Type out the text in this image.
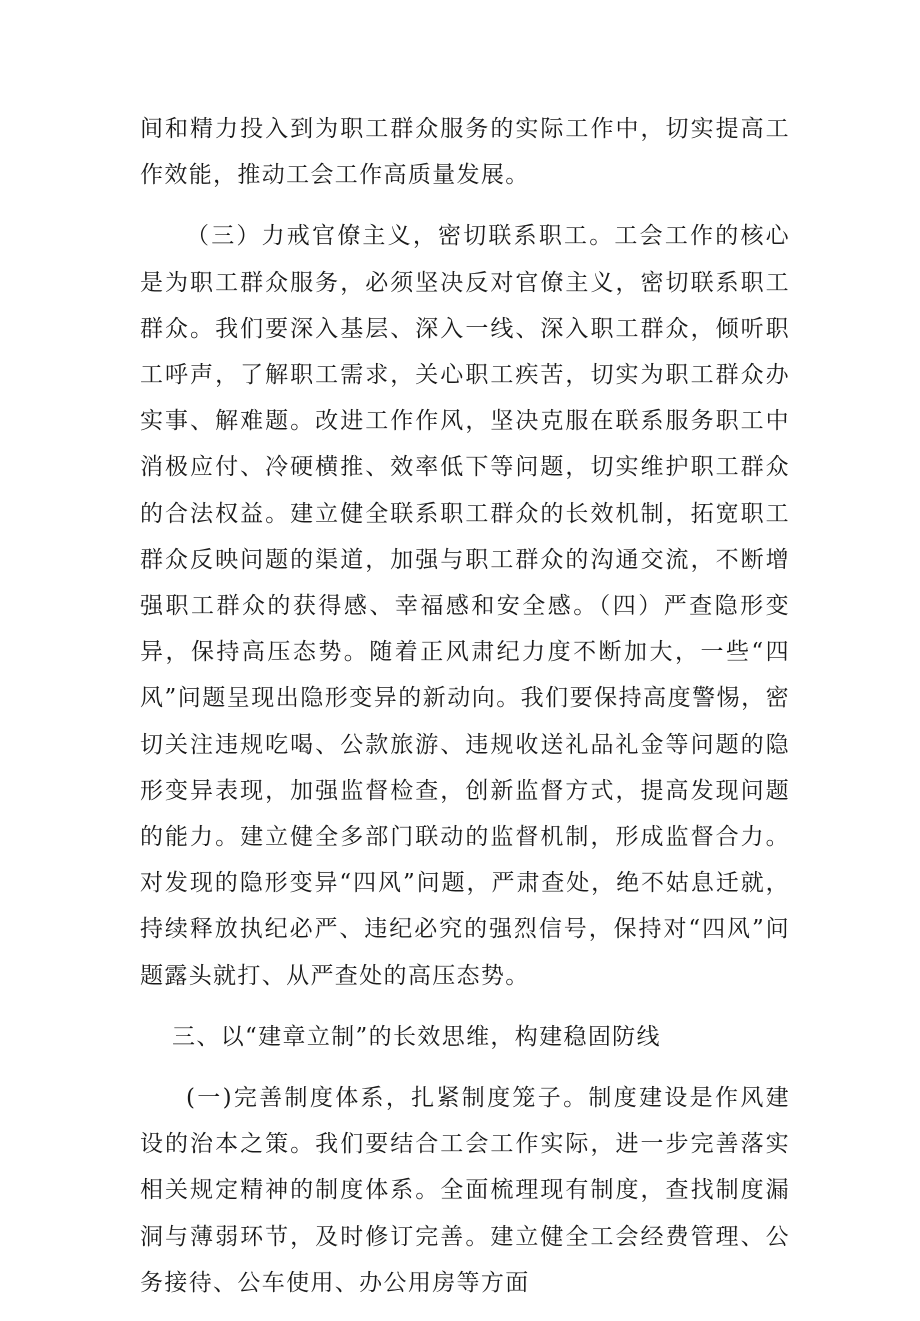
间和精力投入到为职工群众服务的实际工作中，切实提高工作效能，推动工会工作高质量发展。

（三）力戒官僚主义，密切联系职工。工会工作的核心是为职工群众服务，必须坚决反对官僚主义，密切联系职工群众。我们要深入基层、深入一线、深入职工群众，倾听职工呼声，了解职工需求，关心职工疾苦，切实为职工群众办实事、解难题。改进工作作风，坚决克服在联系服务职工中消极应付、冷硬横推、效率低下等问题，切实维护职工群众的合法权益。建立健全联系职工群众的长效机制，拓宽职工群众反映问题的渠道，加强与职工群众的沟通交流，不断增强职工群众的获得感、幸福感和安全感。（四）严查隐形变异，保持高压态势。随着正风肃纪力度不断加大，一些“四风”问题呈现出隐形变异的新动向。我们要保持高度警惕，密切关注违规吃喝、公款旅游、违规收送礼品礼金等问题的隐形变异表现，加强监督检查，创新监督方式，提高发现问题的能力。建立健全多部门联动的监督机制，形成监督合力。对发现的隐形变异“四风”问题，严肃查处，绝不姑息迁就，持续释放执纪必严、违纪必究的强烈信号，保持对“四风”问题露头就打、从严查处的高压态势。

三、以“建章立制”的长效思维，构建稳固防线

(一)完善制度体系，扎紧制度笼子。制度建设是作风建设的治本之策。我们要结合工会工作实际，进一步完善落实相关规定精神的制度体系。全面梳理现有制度，查找制度漏洞与薄弱环节，及时修订完善。建立健全工会经费管理、公务接待、公车使用、办公用房等方面
